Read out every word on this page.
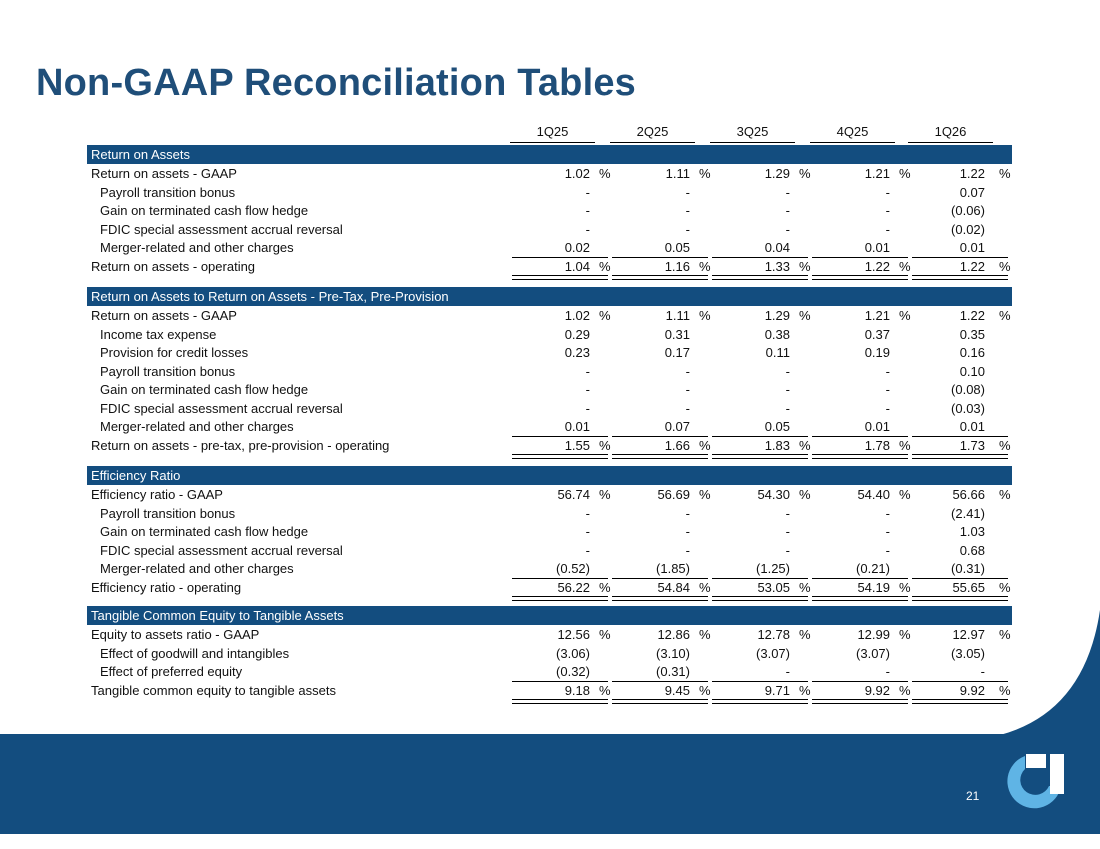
Non-GAAP Reconciliation Tables
1Q25	2Q25	3Q25	4Q25	1Q26
Return on Assets
Return on assets - GAAP	1.02 %	1.11 %	1.29 %	1.21 %	1.22 %
Payroll transition bonus	-	-	-	-	0.07
Gain on terminated cash flow hedge	-	-	-	-	(0.06)
FDIC special assessment accrual reversal	-	-	-	-	(0.02)
Merger-related and other charges	0.02	0.05	0.04	0.01	0.01
Return on assets - operating	1.04 %	1.16 %	1.33 %	1.22 %	1.22 %
Return on Assets to Return on Assets - Pre-Tax, Pre-Provision
Return on assets - GAAP	1.02 %	1.11 %	1.29 %	1.21 %	1.22 %
Income tax expense	0.29	0.31	0.38	0.37	0.35
Provision for credit losses	0.23	0.17	0.11	0.19	0.16
Payroll transition bonus	-	-	-	-	0.10
Gain on terminated cash flow hedge	-	-	-	-	(0.08)
FDIC special assessment accrual reversal	-	-	-	-	(0.03)
Merger-related and other charges	0.01	0.07	0.05	0.01	0.01
Return on assets - pre-tax, pre-provision - operating	1.55 %	1.66 %	1.83 %	1.78 %	1.73 %
Efficiency Ratio
Efficiency ratio - GAAP	56.74 %	56.69 %	54.30 %	54.40 %	56.66 %
Payroll transition bonus	-	-	-	-	(2.41)
Gain on terminated cash flow hedge	-	-	-	-	1.03
FDIC special assessment accrual reversal	-	-	-	-	0.68
Merger-related and other charges	(0.52)	(1.85)	(1.25)	(0.21)	(0.31)
Efficiency ratio - operating	56.22 %	54.84 %	53.05 %	54.19 %	55.65 %
Tangible Common Equity to Tangible Assets
Equity to assets ratio - GAAP	12.56 %	12.86 %	12.78 %	12.99 %	12.97 %
Effect of goodwill and intangibles	(3.06)	(3.10)	(3.07)	(3.07)	(3.05)
Effect of preferred equity	(0.32)	(0.31)	-	-	-
Tangible common equity to tangible assets	9.18 %	9.45 %	9.71 %	9.92 %	9.92 %
21
